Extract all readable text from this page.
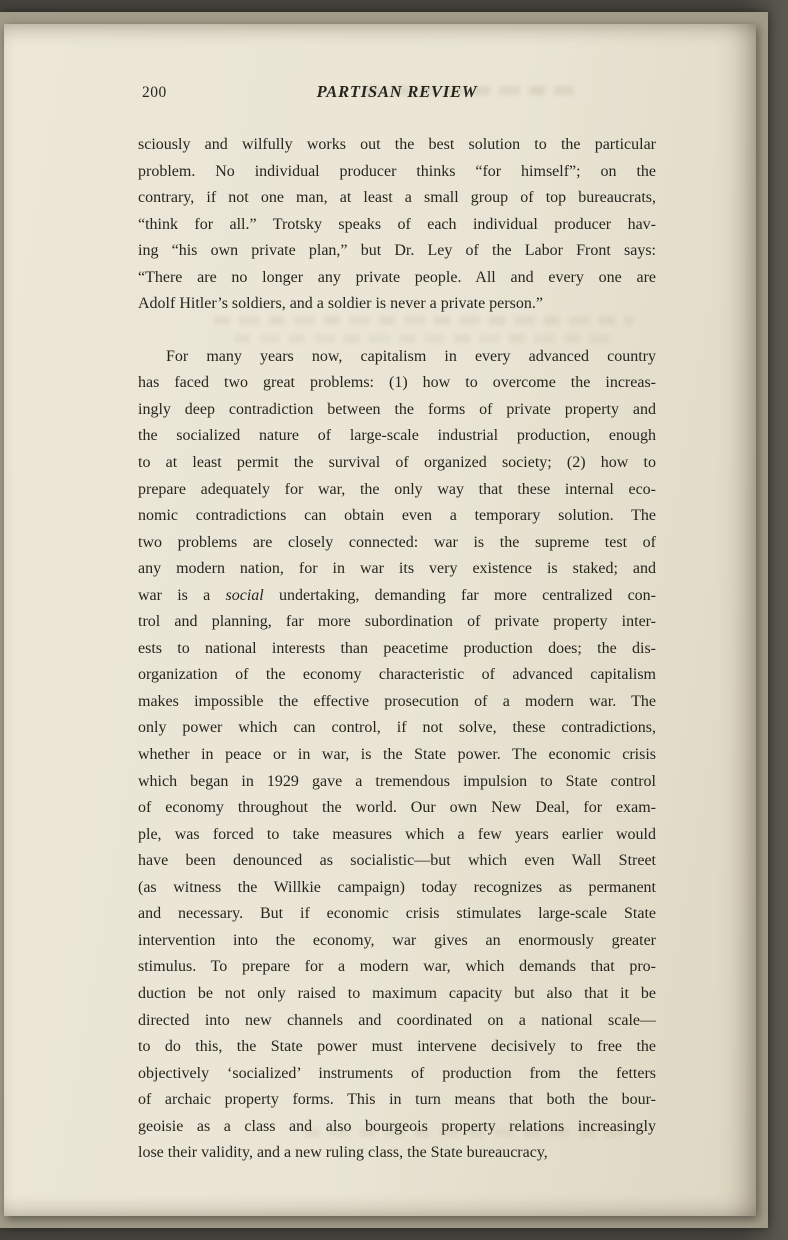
200	PARTISAN REVIEW
sciously and wilfully works out the best solution to the particular
problem. No individual producer thinks “for himself”; on the
contrary, if not one man, at least a small group of top bureaucrats,
“think for all.” Trotsky speaks of each individual producer hav-
ing “his own private plan,” but Dr. Ley of the Labor Front says:
“There are no longer any private people. All and every one are
Adolf Hitler’s soldiers, and a soldier is never a private person.”
For many years now, capitalism in every advanced country
has faced two great problems: (1) how to overcome the increas-
ingly deep contradiction between the forms of private property and
the socialized nature of large-scale industrial production, enough
to at least permit the survival of organized society; (2) how to
prepare adequately for war, the only way that these internal eco-
nomic contradictions can obtain even a temporary solution. The
two problems are closely connected: war is the supreme test of
any modern nation, for in war its very existence is staked; and
war is a social undertaking, demanding far more centralized con-
trol and planning, far more subordination of private property inter-
ests to national interests than peacetime production does; the dis-
organization of the economy characteristic of advanced capitalism
makes impossible the effective prosecution of a modern war. The
only power which can control, if not solve, these contradictions,
whether in peace or in war, is the State power. The economic crisis
which began in 1929 gave a tremendous impulsion to State control
of economy throughout the world. Our own New Deal, for exam-
ple, was forced to take measures which a few years earlier would
have been denounced as socialistic—but which even Wall Street
(as witness the Willkie campaign) today recognizes as permanent
and necessary. But if economic crisis stimulates large-scale State
intervention into the economy, war gives an enormously greater
stimulus. To prepare for a modern war, which demands that pro-
duction be not only raised to maximum capacity but also that it be
directed into new channels and coordinated on a national scale—
to do this, the State power must intervene decisively to free the
objectively ‘socialized’ instruments of production from the fetters
of archaic property forms. This in turn means that both the bour-
geoisie as a class and also bourgeois property relations increasingly
lose their validity, and a new ruling class, the State bureaucracy,
